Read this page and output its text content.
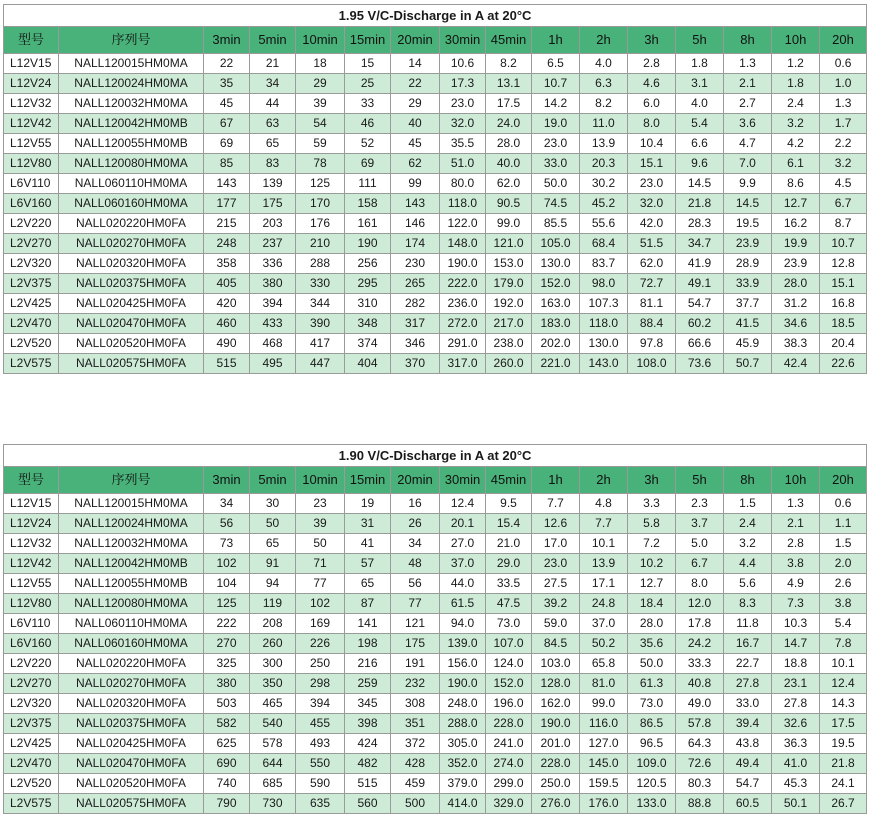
1.95 V/C-Discharge in A at 20°C															
型号	序列号	3min	5min	10min	15min	20min	30min	45min	1h	2h	3h	5h	8h	10h	20h
L12V15	NALL120015HM0MA	22	21	18	15	14	10.6	8.2	6.5	4.0	2.8	1.8	1.3	1.2	0.6
L12V24	NALL120024HM0MA	35	34	29	25	22	17.3	13.1	10.7	6.3	4.6	3.1	2.1	1.8	1.0
L12V32	NALL120032HM0MA	45	44	39	33	29	23.0	17.5	14.2	8.2	6.0	4.0	2.7	2.4	1.3
L12V42	NALL120042HM0MB	67	63	54	46	40	32.0	24.0	19.0	11.0	8.0	5.4	3.6	3.2	1.7
L12V55	NALL120055HM0MB	69	65	59	52	45	35.5	28.0	23.0	13.9	10.4	6.6	4.7	4.2	2.2
L12V80	NALL120080HM0MA	85	83	78	69	62	51.0	40.0	33.0	20.3	15.1	9.6	7.0	6.1	3.2
L6V110	NALL060110HM0MA	143	139	125	111	99	80.0	62.0	50.0	30.2	23.0	14.5	9.9	8.6	4.5
L6V160	NALL060160HM0MA	177	175	170	158	143	118.0	90.5	74.5	45.2	32.0	21.8	14.5	12.7	6.7
L2V220	NALL020220HM0FA	215	203	176	161	146	122.0	99.0	85.5	55.6	42.0	28.3	19.5	16.2	8.7
L2V270	NALL020270HM0FA	248	237	210	190	174	148.0	121.0	105.0	68.4	51.5	34.7	23.9	19.9	10.7
L2V320	NALL020320HM0FA	358	336	288	256	230	190.0	153.0	130.0	83.7	62.0	41.9	28.9	23.9	12.8
L2V375	NALL020375HM0FA	405	380	330	295	265	222.0	179.0	152.0	98.0	72.7	49.1	33.9	28.0	15.1
L2V425	NALL020425HM0FA	420	394	344	310	282	236.0	192.0	163.0	107.3	81.1	54.7	37.7	31.2	16.8
L2V470	NALL020470HM0FA	460	433	390	348	317	272.0	217.0	183.0	118.0	88.4	60.2	41.5	34.6	18.5
L2V520	NALL020520HM0FA	490	468	417	374	346	291.0	238.0	202.0	130.0	97.8	66.6	45.9	38.3	20.4
L2V575	NALL020575HM0FA	515	495	447	404	370	317.0	260.0	221.0	143.0	108.0	73.6	50.7	42.4	22.6
1.90 V/C-Discharge in A at 20°C															
型号	序列号	3min	5min	10min	15min	20min	30min	45min	1h	2h	3h	5h	8h	10h	20h
L12V15	NALL120015HM0MA	34	30	23	19	16	12.4	9.5	7.7	4.8	3.3	2.3	1.5	1.3	0.6
L12V24	NALL120024HM0MA	56	50	39	31	26	20.1	15.4	12.6	7.7	5.8	3.7	2.4	2.1	1.1
L12V32	NALL120032HM0MA	73	65	50	41	34	27.0	21.0	17.0	10.1	7.2	5.0	3.2	2.8	1.5
L12V42	NALL120042HM0MB	102	91	71	57	48	37.0	29.0	23.0	13.9	10.2	6.7	4.4	3.8	2.0
L12V55	NALL120055HM0MB	104	94	77	65	56	44.0	33.5	27.5	17.1	12.7	8.0	5.6	4.9	2.6
L12V80	NALL120080HM0MA	125	119	102	87	77	61.5	47.5	39.2	24.8	18.4	12.0	8.3	7.3	3.8
L6V110	NALL060110HM0MA	222	208	169	141	121	94.0	73.0	59.0	37.0	28.0	17.8	11.8	10.3	5.4
L6V160	NALL060160HM0MA	270	260	226	198	175	139.0	107.0	84.5	50.2	35.6	24.2	16.7	14.7	7.8
L2V220	NALL020220HM0FA	325	300	250	216	191	156.0	124.0	103.0	65.8	50.0	33.3	22.7	18.8	10.1
L2V270	NALL020270HM0FA	380	350	298	259	232	190.0	152.0	128.0	81.0	61.3	40.8	27.8	23.1	12.4
L2V320	NALL020320HM0FA	503	465	394	345	308	248.0	196.0	162.0	99.0	73.0	49.0	33.0	27.8	14.3
L2V375	NALL020375HM0FA	582	540	455	398	351	288.0	228.0	190.0	116.0	86.5	57.8	39.4	32.6	17.5
L2V425	NALL020425HM0FA	625	578	493	424	372	305.0	241.0	201.0	127.0	96.5	64.3	43.8	36.3	19.5
L2V470	NALL020470HM0FA	690	644	550	482	428	352.0	274.0	228.0	145.0	109.0	72.6	49.4	41.0	21.8
L2V520	NALL020520HM0FA	740	685	590	515	459	379.0	299.0	250.0	159.5	120.5	80.3	54.7	45.3	24.1
L2V575	NALL020575HM0FA	790	730	635	560	500	414.0	329.0	276.0	176.0	133.0	88.8	60.5	50.1	26.7
